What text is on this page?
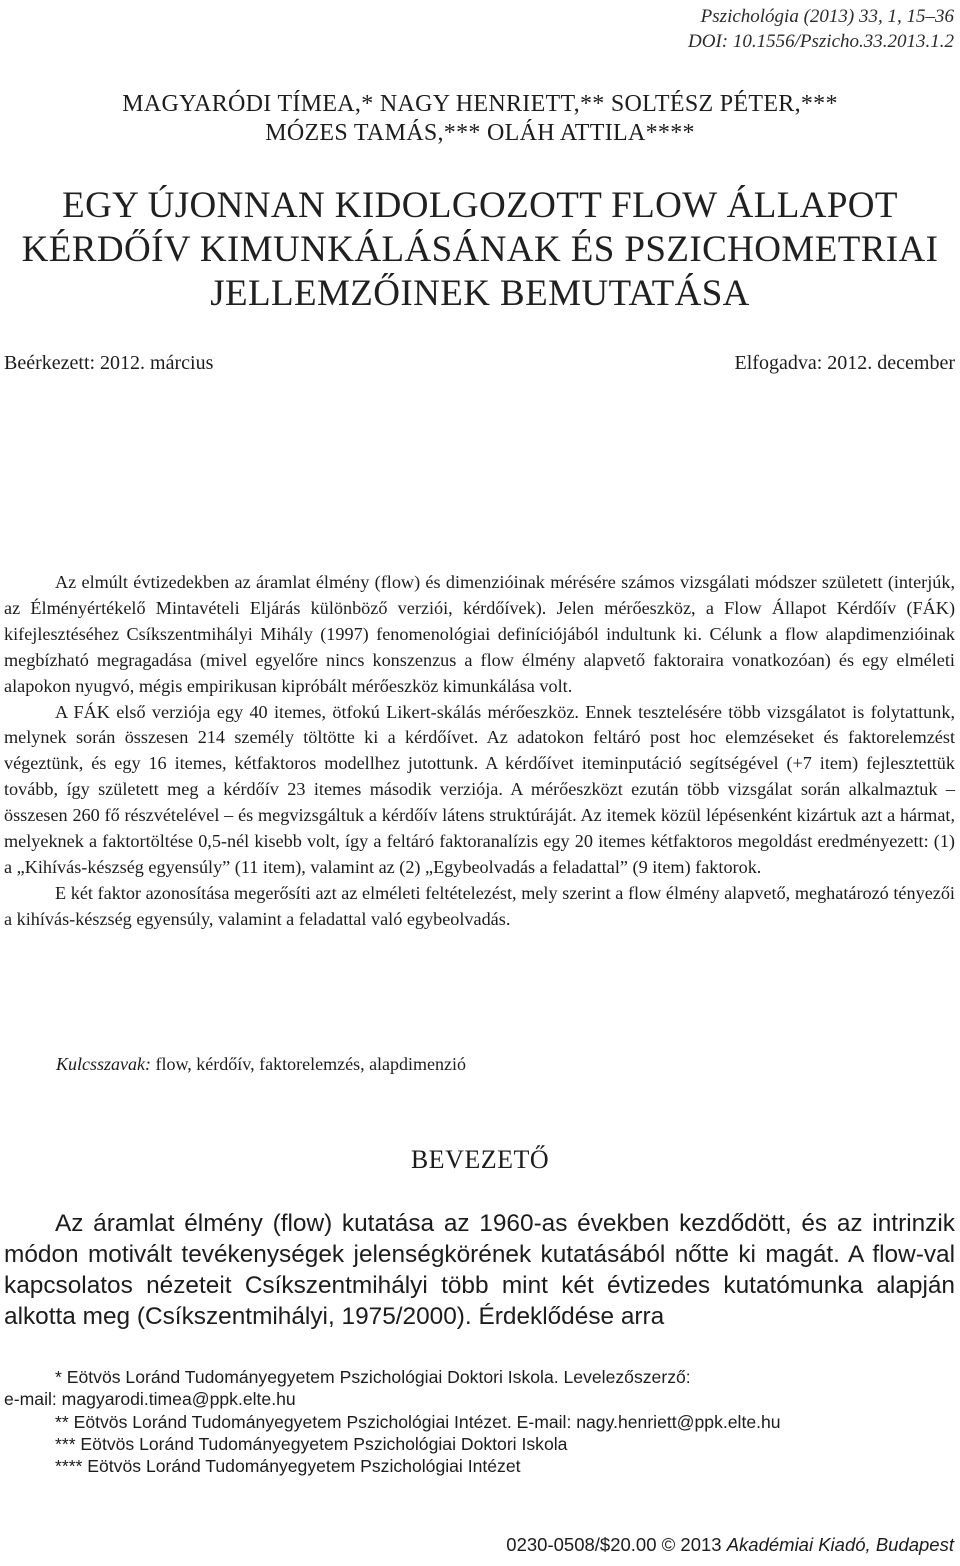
Pszichológia (2013) 33, 1, 15–36
DOI: 10.1556/Pszicho.33.2013.1.2
MAGYARÓDI TÍMEA,* NAGY HENRIETT,** SOLTÉSZ PÉTER,***
MÓZES TAMÁS,*** OLÁH ATTILA****
EGY ÚJONNAN KIDOLGOZOTT FLOW ÁLLAPOT
KÉRDŐÍV KIMUNKÁLÁSÁNAK ÉS PSZICHOMETRIAI
JELLEMZŐINEK BEMUTATÁSA
Beérkezett: 2012. március	Elfogadva: 2012. december

Az elmúlt évtizedekben az áramlat élmény (flow) és dimenzióinak mérésére számos vizsgálati módszer született (interjúk, az Élményértékelő Mintavételi Eljárás különböző verziói, kérdőívek). Jelen mérőeszköz, a Flow Állapot Kérdőív (FÁK) kifejlesztéséhez Csíkszentmihályi Mihály (1997) fenomenológiai definíciójából indultunk ki. Célunk a flow alapdimenzióinak megbízható megragadása (mivel egyelőre nincs konszenzus a flow élmény alapvető faktoraira vonatkozóan) és egy elméleti alapokon nyugvó, mégis empirikusan kipróbált mérőeszköz kimunkálása volt.

A FÁK első verziója egy 40 itemes, ötfokú Likert-skálás mérőeszköz. Ennek tesztelésére több vizsgálatot is folytattunk, melynek során összesen 214 személy töltötte ki a kérdőívet. Az adatokon feltáró post hoc elemzéseket és faktorelemzést végeztünk, és egy 16 itemes, kétfaktoros modellhez jutottunk. A kérdőívet iteminputáció segítségével (+7 item) fejlesztettük tovább, így született meg a kérdőív 23 itemes második verziója. A mérőeszközt ezután több vizsgálat során alkalmaztuk – összesen 260 fő részvételével – és megvizsgáltuk a kérdőív látens struktúráját. Az itemek közül lépésenként kizártuk azt a hármat, melyeknek a faktortöltése 0,5-nél kisebb volt, így a feltáró faktoranalízis egy 20 itemes kétfaktoros megoldást eredményezett: (1) a „Kihívás-készség egyensúly” (11 item), valamint az (2) „Egybeolvadás a feladattal” (9 item) faktorok.

E két faktor azonosítása megerősíti azt az elméleti feltételezést, mely szerint a flow élmény alapvető, meghatározó tényezői a kihívás-készség egyensúly, valamint a feladattal való egybeolvadás.

Kulcsszavak: flow, kérdőív, faktorelemzés, alapdimenzió
BEVEZETŐ

Az áramlat élmény (flow) kutatása az 1960-as években kezdődött, és az intrinzik módon motivált tevékenységek jelenségkörének kutatásából nőtte ki magát. A flow-val kapcsolatos nézeteit Csíkszentmihályi több mint két évtizedes kutatómunka alapján alkotta meg (Csíkszentmihályi, 1975/2000). Érdeklődése arra

* Eötvös Loránd Tudományegyetem Pszichológiai Doktori Iskola. Levelezőszerző:
e-mail: magyarodi.timea@ppk.elte.hu
** Eötvös Loránd Tudományegyetem Pszichológiai Intézet. E-mail: nagy.henriett@ppk.elte.hu
*** Eötvös Loránd Tudományegyetem Pszichológiai Doktori Iskola
**** Eötvös Loránd Tudományegyetem Pszichológiai Intézet
0230-0508/$20.00 © 2013 Akadémiai Kiadó, Budapest
